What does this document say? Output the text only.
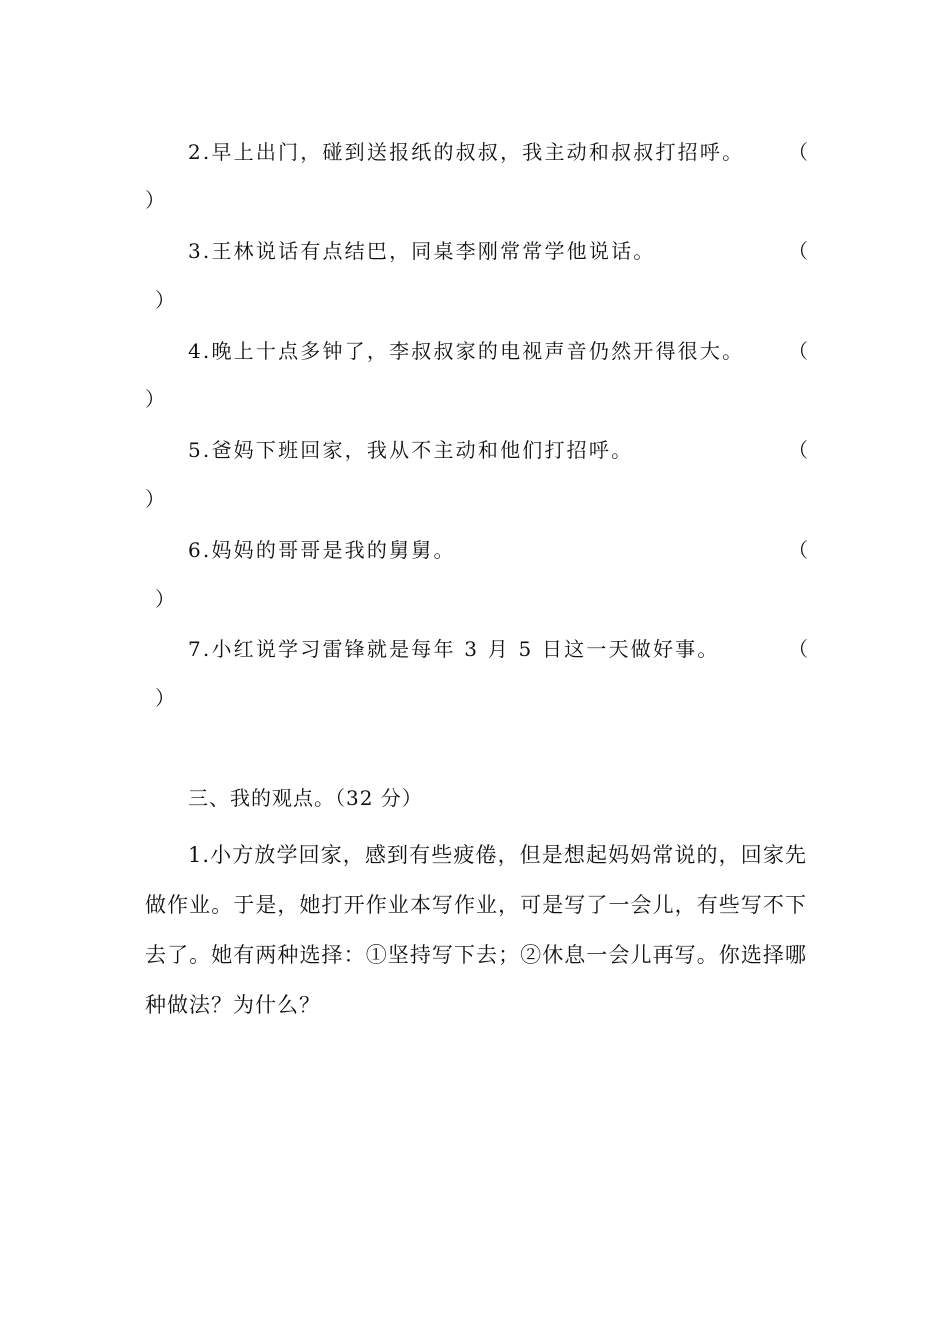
2.早上出门，碰到送报纸的叔叔，我主动和叔叔打招呼。 （
）
3.王林说话有点结巴，同桌李刚常常学他说话。	（
）
4.晚上十点多钟了，李叔叔家的电视声音仍然开得很大。 （
）
5.爸妈下班回家，我从不主动和他们打招呼。	（
）
6.妈妈的哥哥是我的舅舅。	（
）
7.小红说学习雷锋就是每年 3 月 5 日这一天做好事。	（
）
三、我的观点。（32 分）
1.小方放学回家，感到有些疲倦，但是想起妈妈常说的，回家先做作业。于是，她打开作业本写作业，可是写了一会儿，有些写不下去了。她有两种选择：①坚持写下去；②休息一会儿再写。你选择哪种做法？为什么？
